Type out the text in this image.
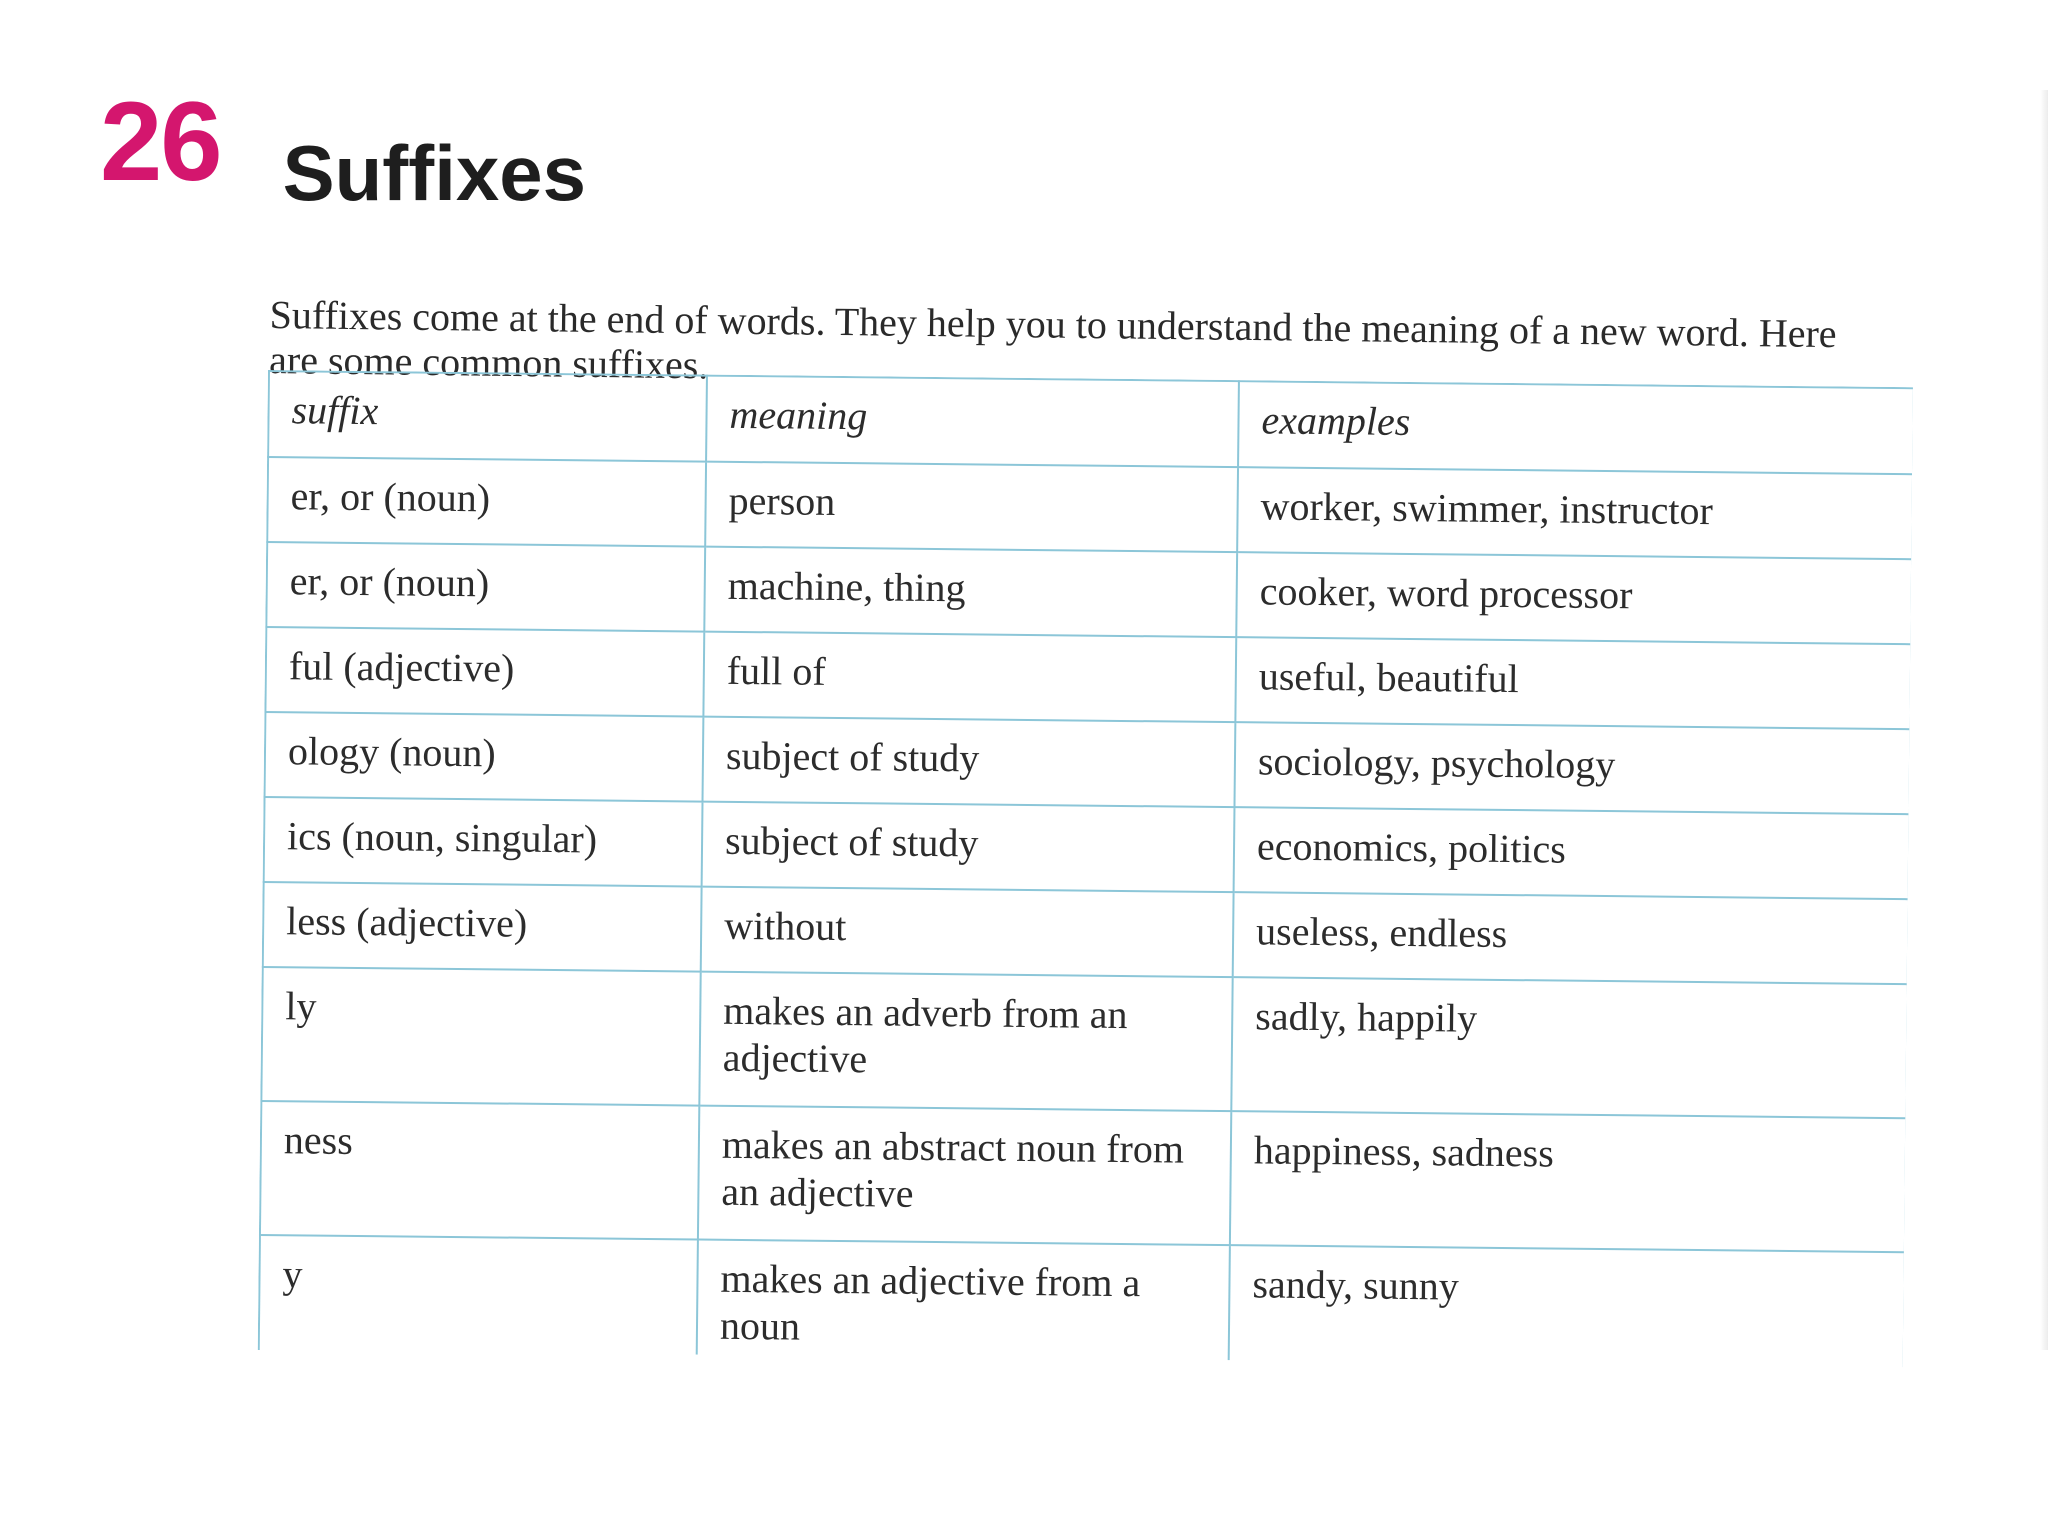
26 Suffixes

Suffixes come at the end of words. They help you to understand the meaning of a new word. Here are some common suffixes.

suffix	meaning	examples
er, or (noun)	person	worker, swimmer, instructor
er, or (noun)	machine, thing	cooker, word processor
ful (adjective)	full of	useful, beautiful
ology (noun)	subject of study	sociology, psychology
ics (noun, singular)	subject of study	economics, politics
less (adjective)	without	useless, endless
ly	makes an adverb from an adjective	sadly, happily
ness	makes an abstract noun from an adjective	happiness, sadness
y	makes an adjective from a noun	sandy, sunny
